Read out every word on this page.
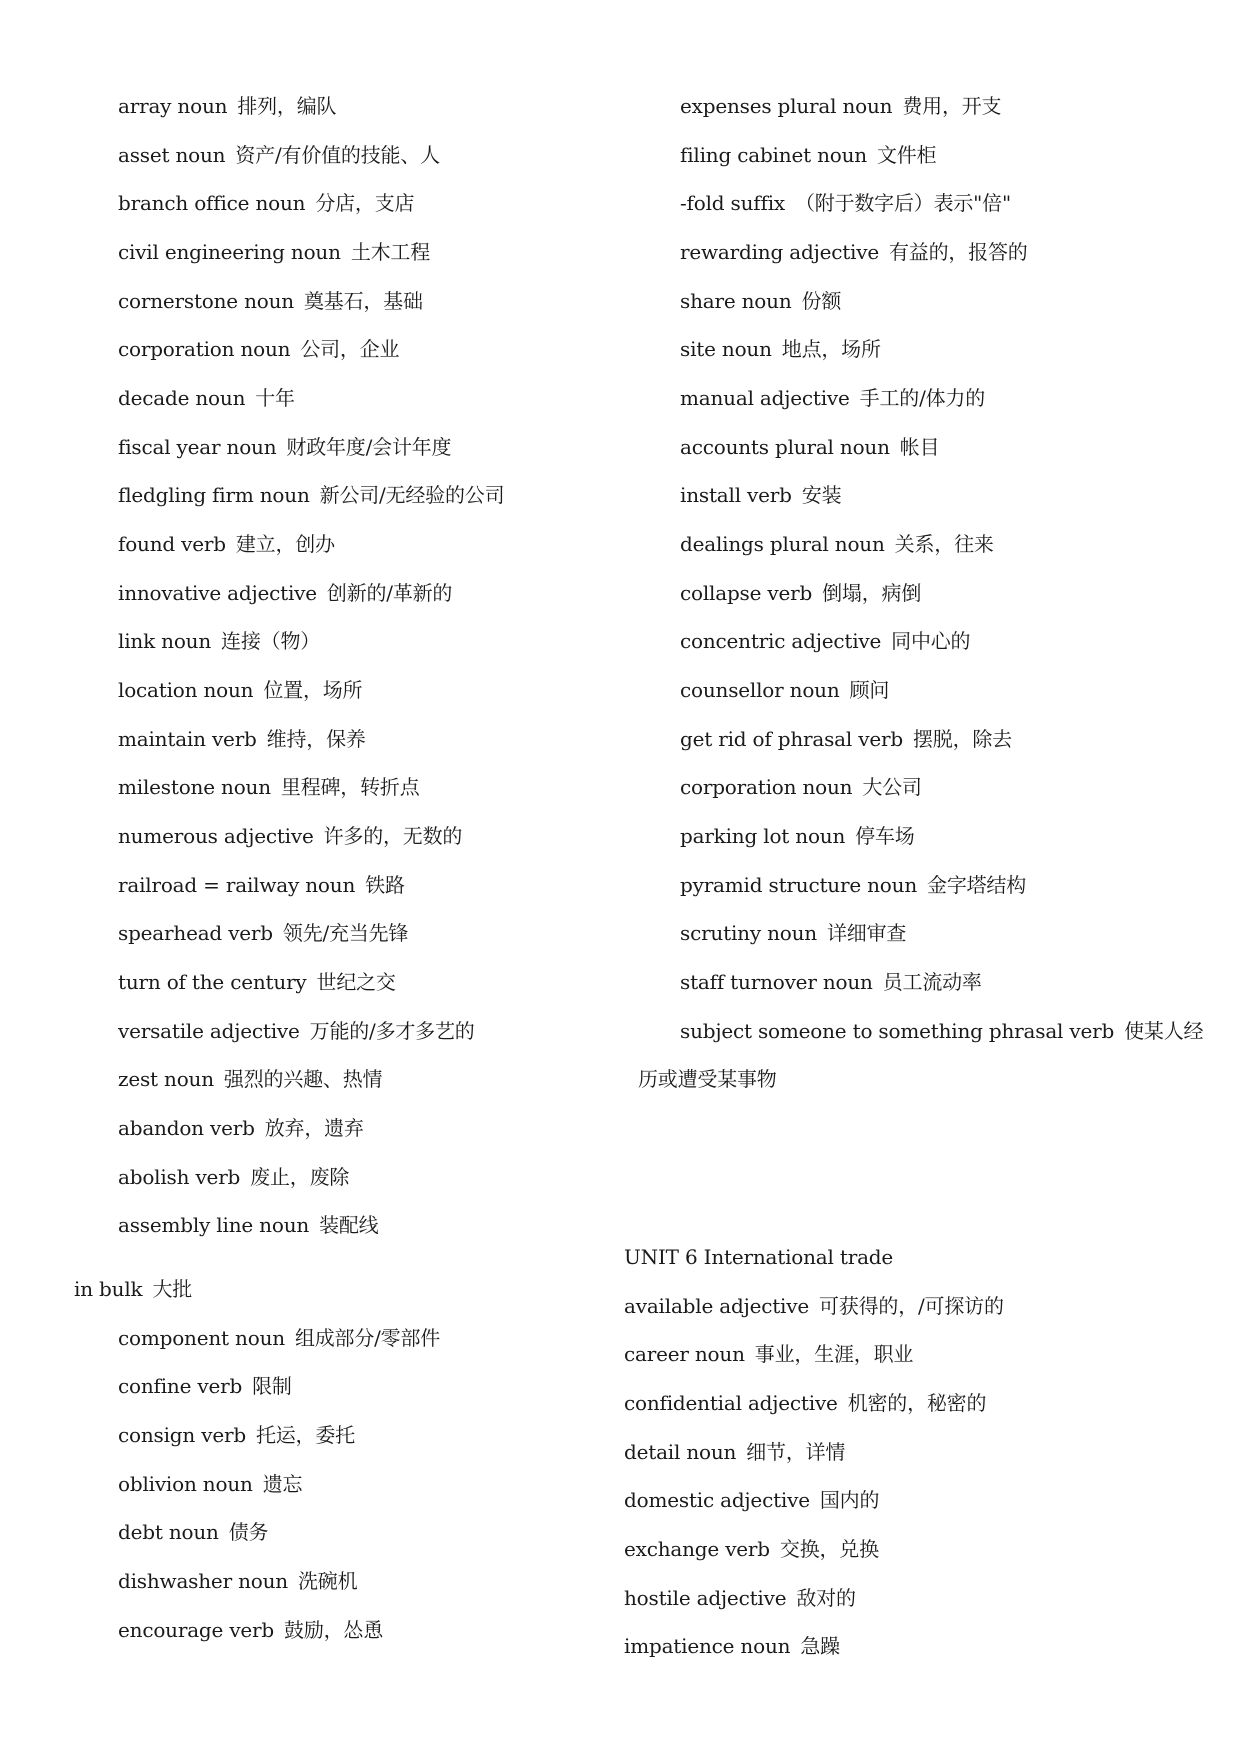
array noun 排列，编队
asset noun 资产/有价值的技能、人
branch office noun 分店，支店
civil engineering noun 土木工程
cornerstone noun 奠基石，基础
corporation noun 公司，企业
decade noun 十年
fiscal year noun 财政年度/会计年度
fledgling firm noun 新公司/无经验的公司
found verb 建立，创办
innovative adjective 创新的/革新的
link noun 连接（物）
location noun 位置，场所
maintain verb 维持，保养
milestone noun 里程碑，转折点
numerous adjective 许多的，无数的
railroad = railway noun 铁路
spearhead verb 领先/充当先锋
turn of the century 世纪之交
versatile adjective 万能的/多才多艺的
zest noun 强烈的兴趣、热情
abandon verb 放弃，遗弃
abolish verb 废止，废除
assembly line noun 装配线
in bulk 大批
component noun 组成部分/零部件
confine verb 限制
consign verb 托运，委托
oblivion noun 遗忘
debt noun 债务
dishwasher noun 洗碗机
encourage verb 鼓励，怂恿
expenses plural noun 费用，开支
filing cabinet noun 文件柜
-fold suffix （附于数字后）表示"倍"
rewarding adjective 有益的，报答的
share noun 份额
site noun 地点，场所
manual adjective 手工的/体力的
accounts plural noun 帐目
install verb 安装
dealings plural noun 关系，往来
collapse verb 倒塌，病倒
concentric adjective 同中心的
counsellor noun 顾问
get rid of phrasal verb 摆脱，除去
corporation noun 大公司
parking lot noun 停车场
pyramid structure noun 金字塔结构
scrutiny noun 详细审查
staff turnover noun 员工流动率
subject someone to something phrasal verb 使某人经
历或遭受某事物
UNIT 6 International trade
available adjective 可获得的，/可探访的
career noun 事业，生涯，职业
confidential adjective 机密的，秘密的
detail noun 细节，详情
domestic adjective 国内的
exchange verb 交换，兑换
hostile adjective 敌对的
impatience noun 急躁
